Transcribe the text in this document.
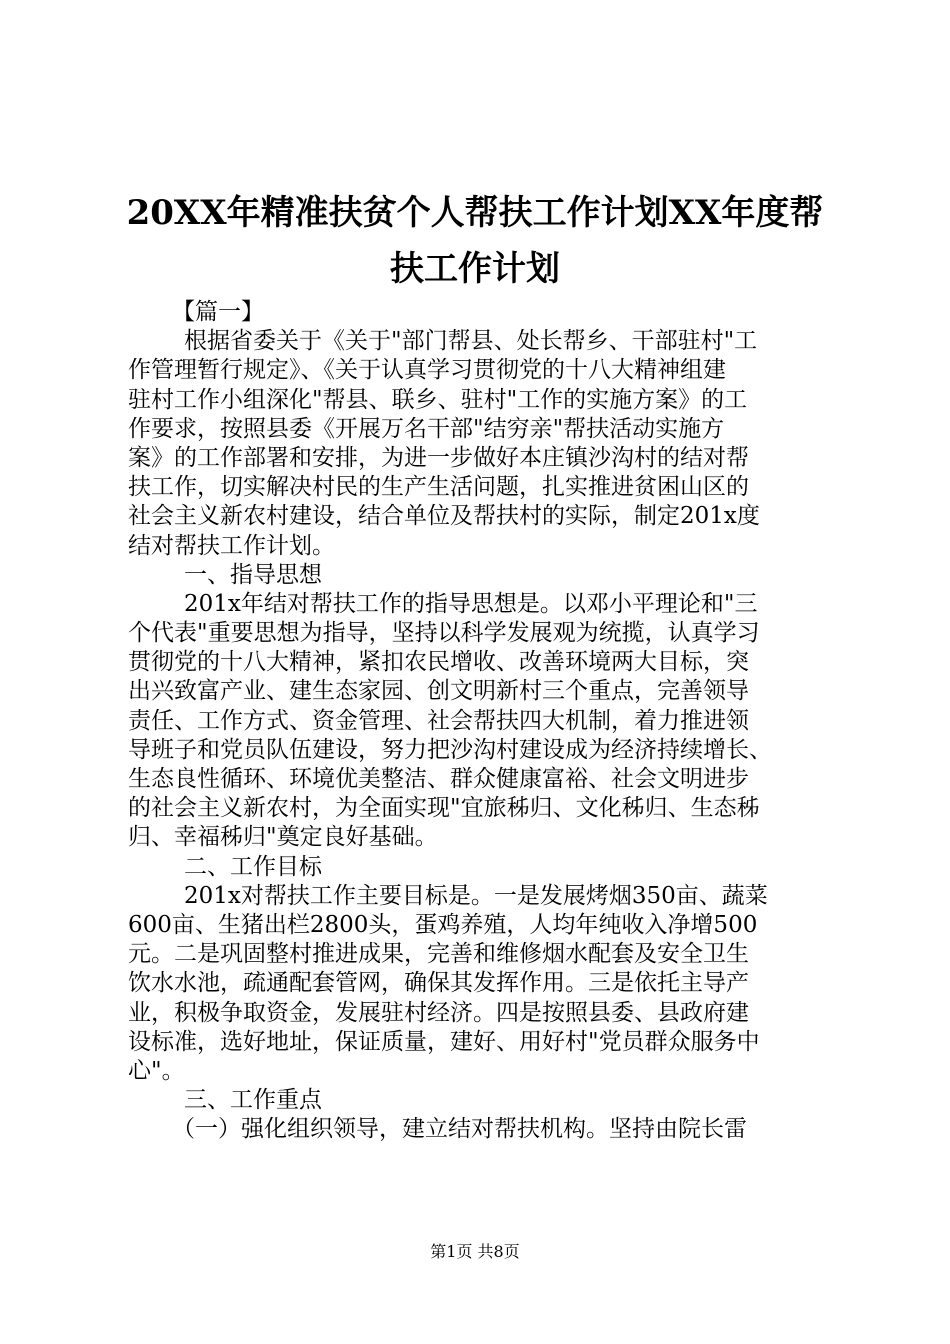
20XX年精准扶贫个人帮扶工作计划XX年度帮
扶工作计划
【篇一】
根据省委关于《关于"部门帮县、处长帮乡、干部驻村"工
作管理暂行规定》、《关于认真学习贯彻党的十八大精神组建
驻村工作小组深化"帮县、联乡、驻村"工作的实施方案》的工
作要求，按照县委《开展万名干部"结穷亲"帮扶活动实施方
案》的工作部署和安排，为进一步做好本庄镇沙沟村的结对帮
扶工作，切实解决村民的生产生活问题，扎实推进贫困山区的
社会主义新农村建设，结合单位及帮扶村的实际，制定201x度
结对帮扶工作计划。
一、指导思想
201x年结对帮扶工作的指导思想是。以邓小平理论和"三
个代表"重要思想为指导，坚持以科学发展观为统揽，认真学习
贯彻党的十八大精神，紧扣农民增收、改善环境两大目标，突
出兴致富产业、建生态家园、创文明新村三个重点，完善领导
责任、工作方式、资金管理、社会帮扶四大机制，着力推进领
导班子和党员队伍建设，努力把沙沟村建设成为经济持续增长、
生态良性循环、环境优美整洁、群众健康富裕、社会文明进步
的社会主义新农村，为全面实现"宜旅秭归、文化秭归、生态秭
归、幸福秭归"奠定良好基础。
二、工作目标
201x对帮扶工作主要目标是。一是发展烤烟350亩、蔬菜
600亩、生猪出栏2800头，蛋鸡养殖，人均年纯收入净增500
元。二是巩固整村推进成果，完善和维修烟水配套及安全卫生
饮水水池，疏通配套管网，确保其发挥作用。三是依托主导产
业，积极争取资金，发展驻村经济。四是按照县委、县政府建
设标准，选好地址，保证质量，建好、用好村"党员群众服务中
心"。
三、工作重点
（一）强化组织领导，建立结对帮扶机构。坚持由院长雷
第1页 共8页
